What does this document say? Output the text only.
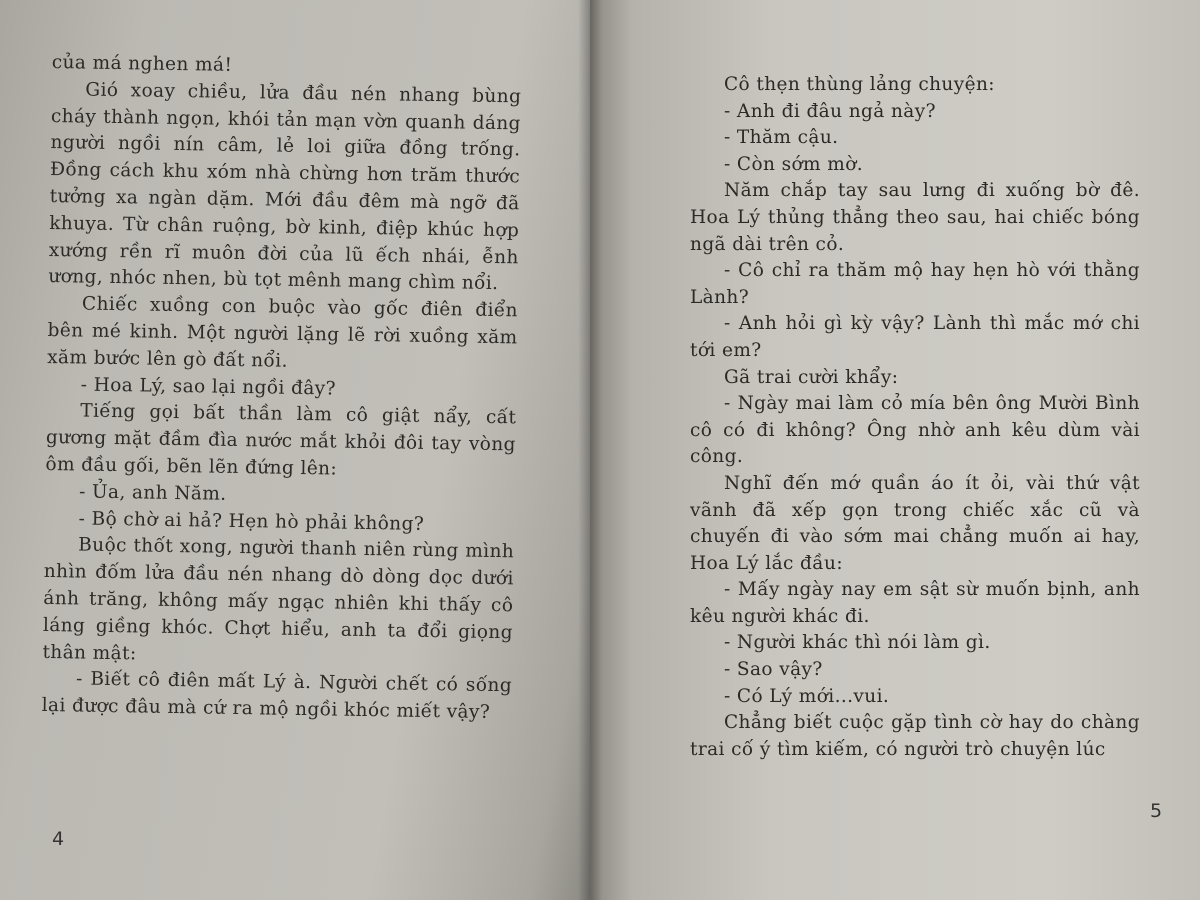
của má nghen má!

Gió xoay chiều, lửa đầu nén nhang bùng cháy thành ngọn, khói tản mạn vờn quanh dáng người ngồi nín câm, lẻ loi giữa đồng trống. Đồng cách khu xóm nhà chừng hơn trăm thước tưởng xa ngàn dặm. Mới đầu đêm mà ngỡ đã khuya. Từ chân ruộng, bờ kinh, điệp khúc hợp xướng rền rĩ muôn đời của lũ ếch nhái, ễnh ương, nhóc nhen, bù tọt mênh mang chìm nổi.

Chiếc xuồng con buộc vào gốc điên điển bên mé kinh. Một người lặng lẽ rời xuồng xăm xăm bước lên gò đất nổi.

- Hoa Lý, sao lại ngồi đây?

Tiếng gọi bất thần làm cô giật nẩy, cất gương mặt đầm đìa nước mắt khỏi đôi tay vòng ôm đầu gối, bẽn lẽn đứng lên:

- Ủa, anh Năm.

- Bộ chờ ai hả? Hẹn hò phải không?

Buộc thốt xong, người thanh niên rùng mình nhìn đốm lửa đầu nén nhang dò dòng dọc dưới ánh trăng, không mấy ngạc nhiên khi thấy cô láng giềng khóc. Chợt hiểu, anh ta đổi giọng thân mật:

- Biết cô điên mất Lý à. Người chết có sống lại được đâu mà cứ ra mộ ngồi khóc miết vậy?

4

Cô thẹn thùng lảng chuyện:

- Anh đi đâu ngả này?

- Thăm cậu.

- Còn sớm mờ.

Năm chắp tay sau lưng đi xuống bờ đê. Hoa Lý thủng thẳng theo sau, hai chiếc bóng ngã dài trên cỏ.

- Cô chỉ ra thăm mộ hay hẹn hò với thằng Lành?

- Anh hỏi gì kỳ vậy? Lành thì mắc mớ chi tới em?

Gã trai cười khẩy:

- Ngày mai làm cỏ mía bên ông Mười Bình cô có đi không? Ông nhờ anh kêu dùm vài công.

Nghĩ đến mớ quần áo ít ỏi, vài thứ vật vãnh đã xếp gọn trong chiếc xắc cũ và chuyến đi vào sớm mai chẳng muốn ai hay, Hoa Lý lắc đầu:

- Mấy ngày nay em sật sừ muốn bịnh, anh kêu người khác đi.

- Người khác thì nói làm gì.

- Sao vậy?

- Có Lý mới...vui.

Chẳng biết cuộc gặp tình cờ hay do chàng trai cố ý tìm kiếm, có người trò chuyện lúc

5
